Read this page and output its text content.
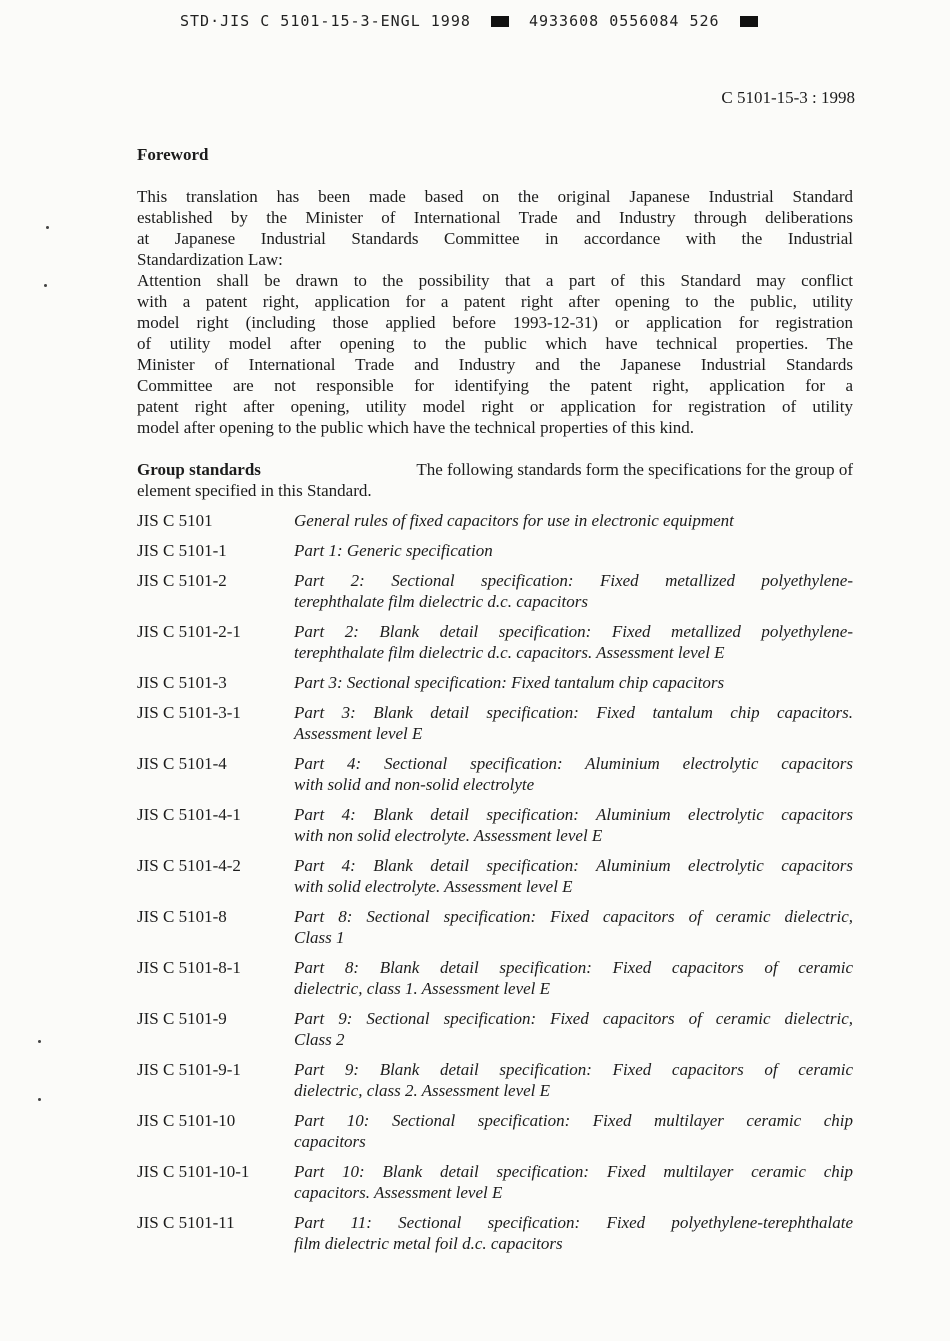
STD·JIS C 5101-15-3-ENGL 1998	4933608 0556084 526
C 5101-15-3 : 1998
Foreword
This translation has been made based on the original Japanese Industrial Standard
established by the Minister of International Trade and Industry through deliberations
at Japanese Industrial Standards Committee in accordance with the Industrial
Standardization Law:
Attention shall be drawn to the possibility that a part of this Standard may conflict
with a patent right, application for a patent right after opening to the public, utility
model right (including those applied before 1993-12-31) or application for registration
of utility model after opening to the public which have technical properties. The
Minister of International Trade and Industry and the Japanese Industrial Standards
Committee are not responsible for identifying the patent right, application for a
patent right after opening, utility model right or application for registration of utility
model after opening to the public which have the technical properties of this kind.
Group standards	The following standards form the specifications for the group of
element specified in this Standard.
JIS C 5101	General rules of fixed capacitors for use in electronic equipment
JIS C 5101-1	Part 1: Generic specification
JIS C 5101-2	Part 2: Sectional specification: Fixed metallized polyethylene-
terephthalate film dielectric d.c. capacitors
JIS C 5101-2-1	Part 2: Blank detail specification: Fixed metallized polyethylene-
terephthalate film dielectric d.c. capacitors. Assessment level E
JIS C 5101-3	Part 3: Sectional specification: Fixed tantalum chip capacitors
JIS C 5101-3-1	Part 3: Blank detail specification: Fixed tantalum chip capacitors.
Assessment level E
JIS C 5101-4	Part 4: Sectional specification: Aluminium electrolytic capacitors
with solid and non-solid electrolyte
JIS C 5101-4-1	Part 4: Blank detail specification: Aluminium electrolytic capacitors
with non solid electrolyte. Assessment level E
JIS C 5101-4-2	Part 4: Blank detail specification: Aluminium electrolytic capacitors
with solid electrolyte. Assessment level E
JIS C 5101-8	Part 8: Sectional specification: Fixed capacitors of ceramic dielectric,
Class 1
JIS C 5101-8-1	Part 8: Blank detail specification: Fixed capacitors of ceramic
dielectric, class 1. Assessment level E
JIS C 5101-9	Part 9: Sectional specification: Fixed capacitors of ceramic dielectric,
Class 2
JIS C 5101-9-1	Part 9: Blank detail specification: Fixed capacitors of ceramic
dielectric, class 2. Assessment level E
JIS C 5101-10	Part 10: Sectional specification: Fixed multilayer ceramic chip
capacitors
JIS C 5101-10-1	Part 10: Blank detail specification: Fixed multilayer ceramic chip
capacitors. Assessment level E
JIS C 5101-11	Part 11: Sectional specification: Fixed polyethylene-terephthalate
film dielectric metal foil d.c. capacitors
